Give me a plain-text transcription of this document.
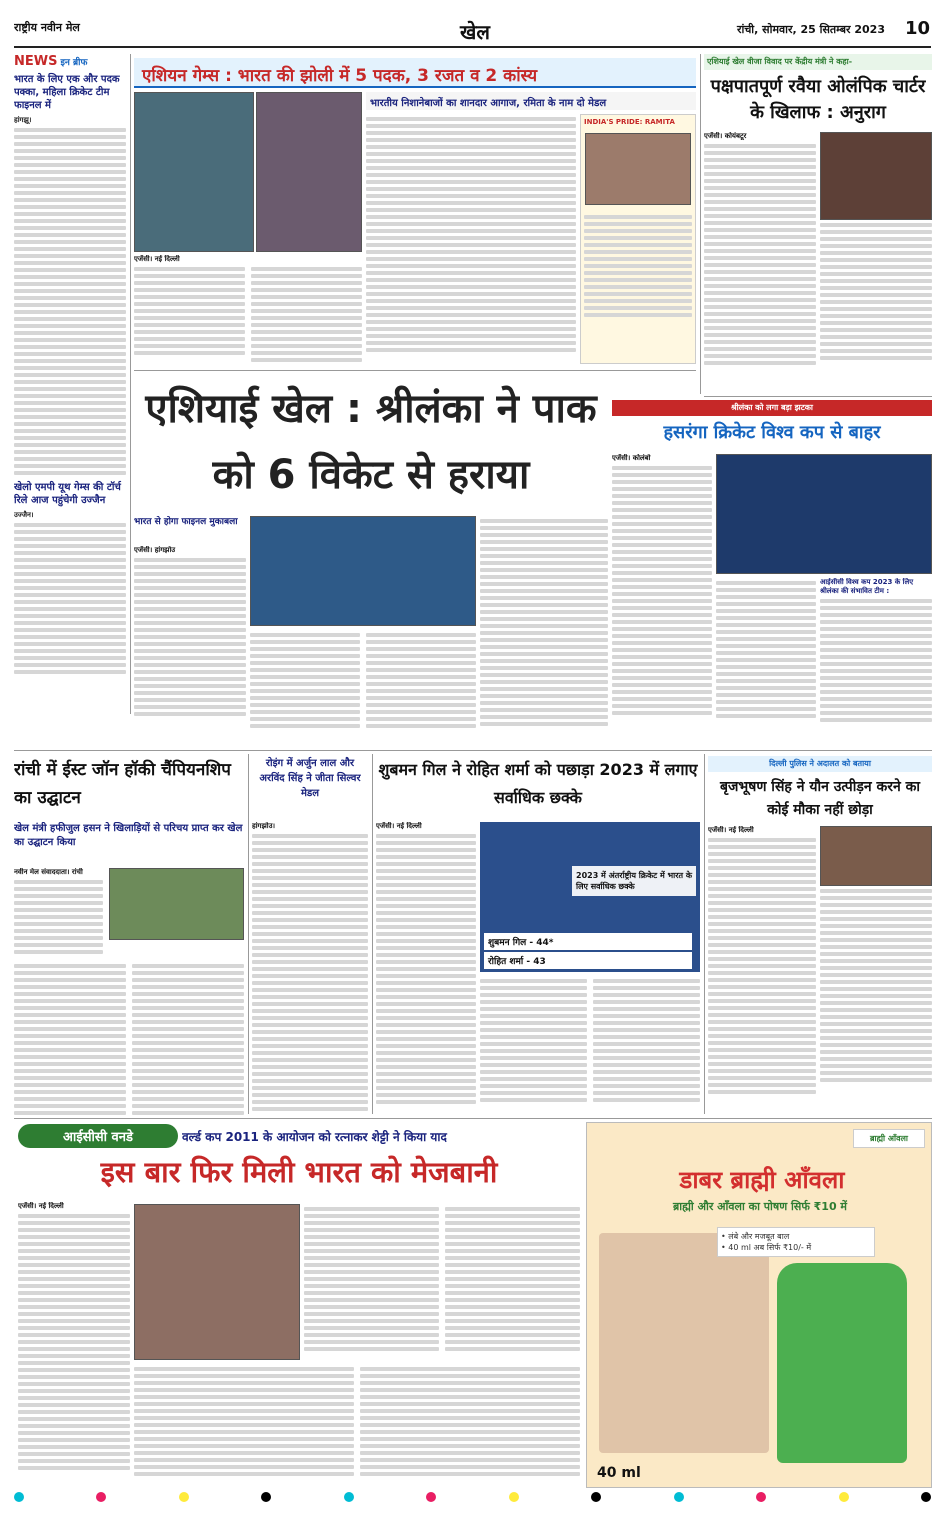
राष्ट्रीय नवीन मेल	खेल	रांची, सोमवार, 25 सितम्बर 2023	10
NEWS इन ब्रीफ
भारत के लिए एक और पदक पक्का, महिला क्रिकेट टीम फाइनल में
हांगझू।
खेलो एमपी यूथ गेम्स की टॉर्च रिले आज पहुंचेगी उज्जैन
उज्जैन।
एशियन गेम्स : भारत की झोली में 5 पदक, 3 रजत व 2 कांस्य
एजेंसी। नई दिल्ली
भारतीय निशानेबाजों का शानदार आगाज, रमिता के नाम दो मेडल
INDIA'S PRIDE: RAMITA
एशियाई खेल वीजा विवाद पर केंद्रीय मंत्री ने कहा-
पक्षपातपूर्ण रवैया ओलंपिक चार्टर के खिलाफ : अनुराग
एजेंसी। कोयंबटूर
एशियाई खेल : श्रीलंका ने पाक को 6 विकेट से हराया
भारत से होगा फाइनल मुकाबला
एजेंसी। हांगझोउ
श्रीलंका को लगा बड़ा झटका
हसरंगा क्रिकेट विश्व कप से बाहर
एजेंसी। कोलंबो
आईसीसी विश्व कप 2023 के लिए श्रीलंका की संभावित टीम :
रांची में ईस्ट जॉन हॉकी चैंपियनशिप का उद्घाटन
खेल मंत्री हफीजुल हसन ने खिलाड़ियों से परिचय प्राप्त कर खेल का उद्घाटन किया
नवीन मेल संवाददाता। रांची
रोइंग में अर्जुन लाल और अरविंद सिंह ने जीता सिल्वर मेडल
हांगझोउ।
शुबमन गिल ने रोहित शर्मा को पछाड़ा 2023 में लगाए सर्वाधिक छक्के
एजेंसी। नई दिल्ली
2023 में अंतर्राष्ट्रीय क्रिकेट में भारत के लिए सर्वाधिक छक्के
शुबमन गिल - 44*
रोहित शर्मा - 43
दिल्ली पुलिस ने अदालत को बताया
बृजभूषण सिंह ने यौन उत्पीड़न करने का कोई मौका नहीं छोड़ा
एजेंसी। नई दिल्ली
आईसीसी वनडे	वर्ल्ड कप 2011 के आयोजन को रत्नाकर शेट्टी ने किया याद
इस बार फिर मिली भारत को मेजबानी
एजेंसी। नई दिल्ली
ब्राह्मी आँवला
डाबर ब्राह्मी आँवला
ब्राह्मी और आँवला का पोषण सिर्फ ₹10 में
• लंबे और मजबूत बाल
• 40 ml अब सिर्फ ₹10/- में
40 ml
